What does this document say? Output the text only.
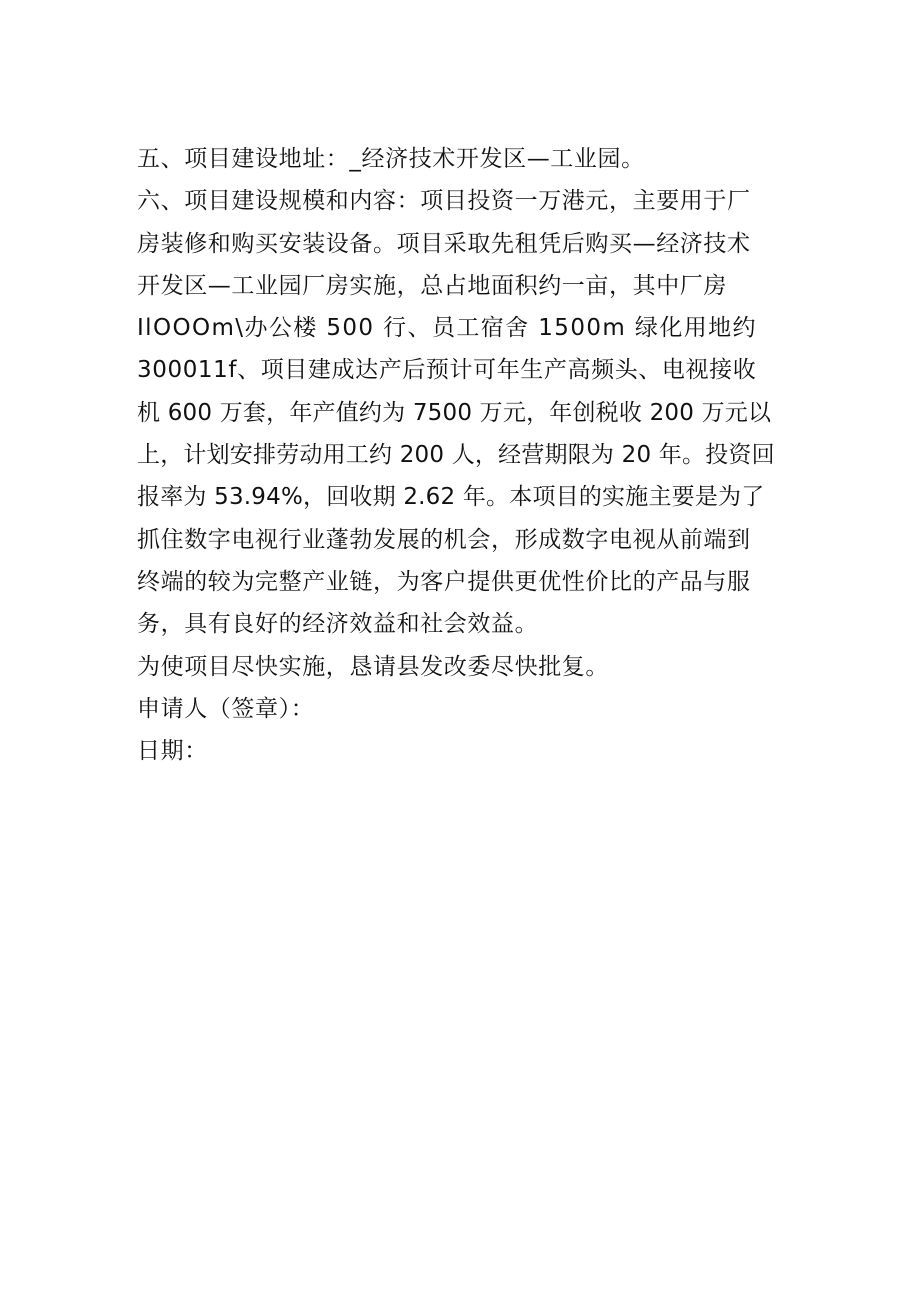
五、项目建设地址：_经济技术开发区—工业园。
六、项目建设规模和内容：项目投资一万港元，主要用于厂
房装修和购买安装设备。项目采取先租凭后购买—经济技术
开发区—工业园厂房实施，总占地面积约一亩，其中厂房
IlOOOm\办公楼 500 行、员工宿舍 1500m 绿化用地约
300011f、项目建成达产后预计可年生产高频头、电视接收
机 600 万套，年产值约为 7500 万元，年创税收 200 万元以
上，计划安排劳动用工约 200 人，经营期限为 20 年。投资回
报率为 53.94%，回收期 2.62 年。本项目的实施主要是为了
抓住数字电视行业蓬勃发展的机会，形成数字电视从前端到
终端的较为完整产业链，为客户提供更优性价比的产品与服
务，具有良好的经济效益和社会效益。
为使项目尽快实施，恳请县发改委尽快批复。
申请人（签章）：
日期：
